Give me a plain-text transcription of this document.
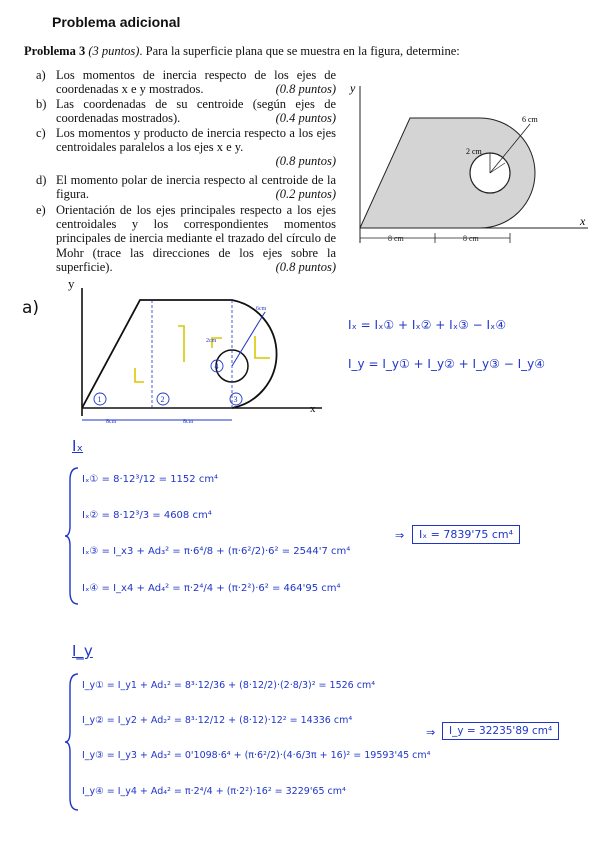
Problema adicional
Problema 3 (3 puntos). Para la superficie plana que se muestra en la figura, determine:
a) Los momentos de inercia respecto de los ejes de coordenadas x e y mostrados.	(0.8 puntos)
b) Las coordenadas de su centroide (según ejes de coordenadas mostrados).	(0.4 puntos)
c) Los momentos y producto de inercia respecto a los ejes centroidales paralelos a los ejes x e y.

(0.8 puntos)
d) El momento polar de inercia respecto al centroide de la figura.	(0.2 puntos)
e) Orientación de los ejes principales respecto a los ejes centroidales y los correspondientes momentos principales de inercia mediante el trazado del círculo de Mohr (trace las direcciones de los ejes sobre la superficie).	(0.8 puntos)
y
x
6 cm
2 cm
8 cm	8 cm
a)
y
x
6cm
2cm
1	2	3
4
8cm	8cm
Iₓ = Iₓ① + Iₓ② + Iₓ③ − Iₓ④
I_y = I_y① + I_y② + I_y③ − I_y④
Iₓ
Iₓ① = 8·12³/12 = 1152 cm⁴
Iₓ② = 8·12³/3 = 4608 cm⁴
Iₓ③ = I_x3 + Ad₃² = π·6⁴/8 + (π·6²/2)·6² = 2544'7 cm⁴
Iₓ④ = I_x4 + Ad₄² = π·2⁴/4 + (π·2²)·6² = 464'95 cm⁴
⇒	Iₓ = 7839'75 cm⁴
I_y
I_y① = I_y1 + Ad₁² = 8³·12/36 + (8·12/2)·(2·8/3)² = 1526 cm⁴
I_y② = I_y2 + Ad₂² = 8³·12/12 + (8·12)·12² = 14336 cm⁴
I_y③ = I_y3 + Ad₃² = 0'1098·6⁴ + (π·6²/2)·(4·6/3π + 16)² = 19593'45 cm⁴
I_y④ = I_y4 + Ad₄² = π·2⁴/4 + (π·2²)·16² = 3229'65 cm⁴
⇒	I_y = 32235'89 cm⁴
